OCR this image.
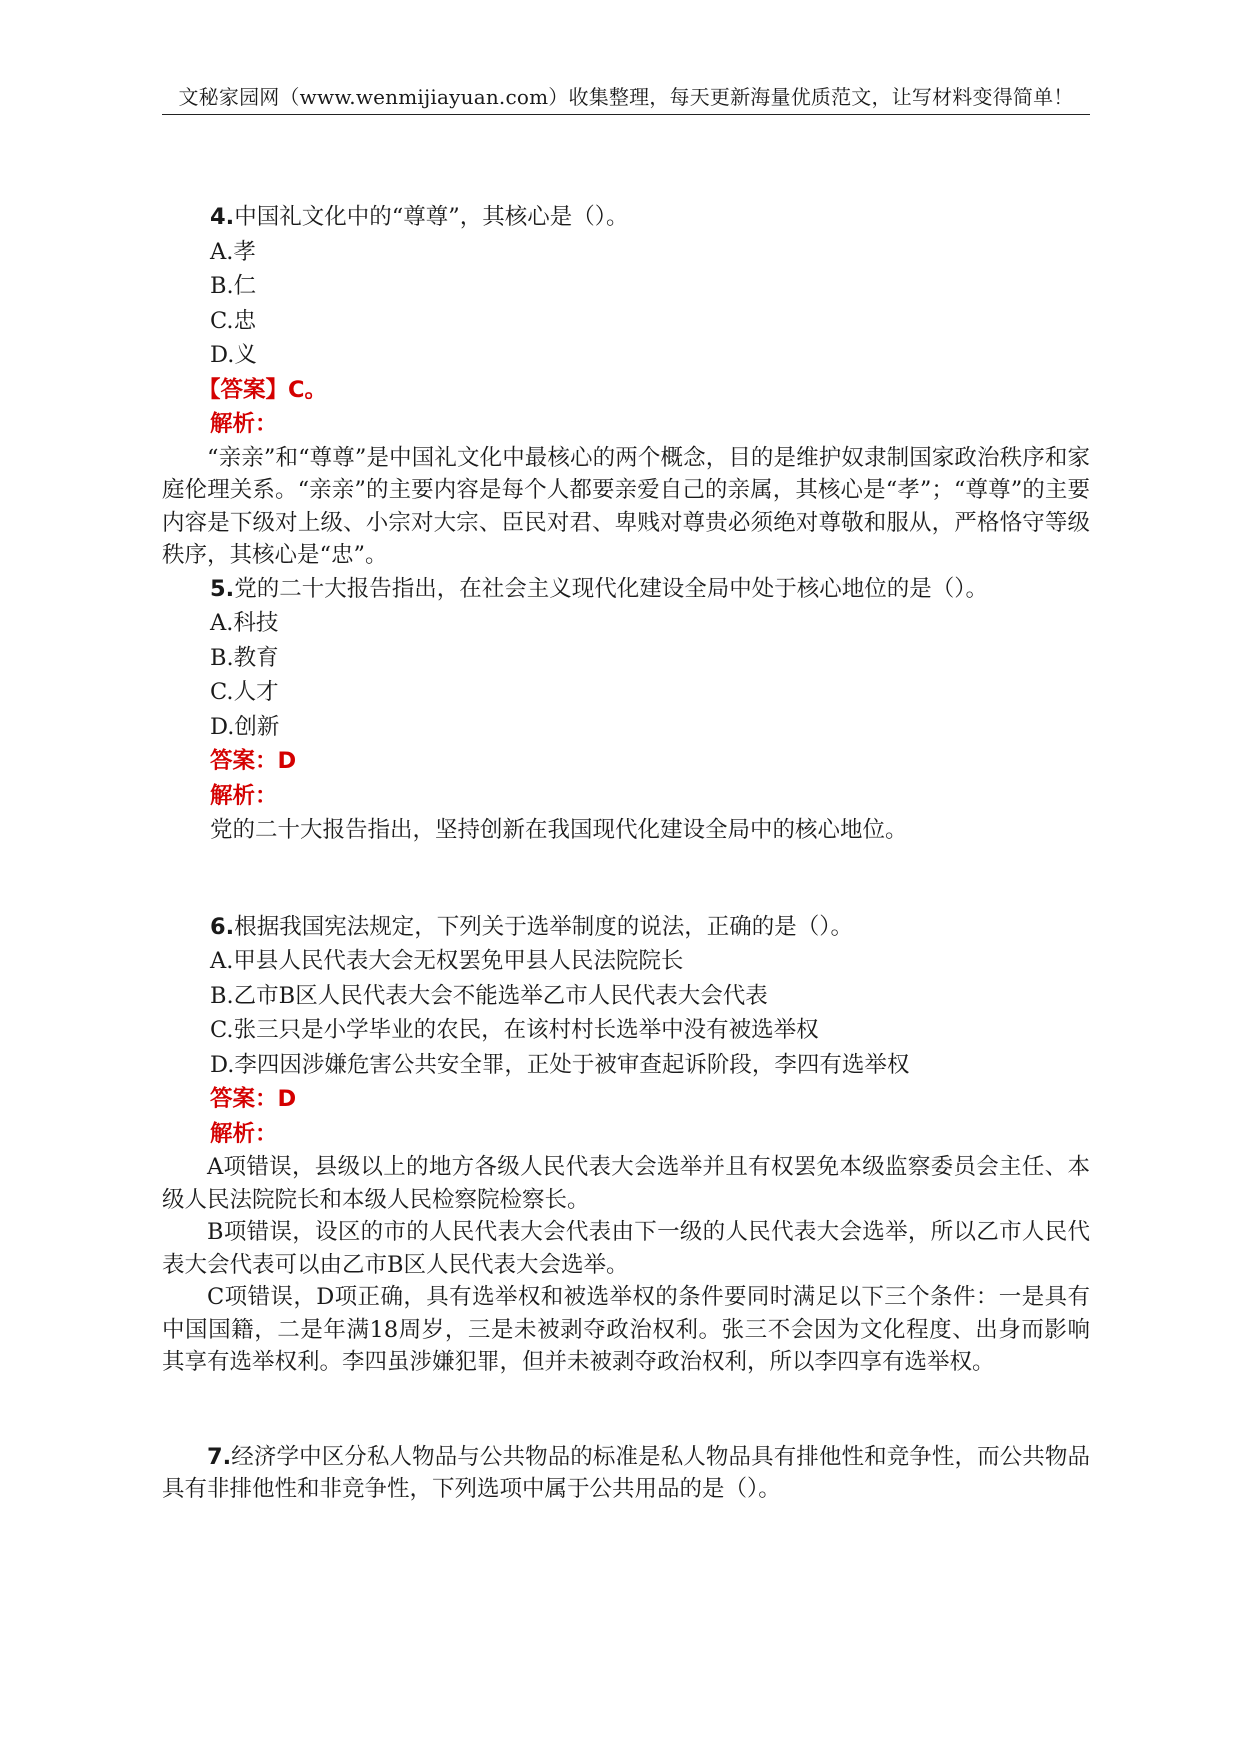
文秘家园网（www.wenmijiayuan.com）收集整理，每天更新海量优质范文，让写材料变得简单！
4.中国礼文化中的“尊尊”，其核心是（）。
A.孝
B.仁
C.忠
D.义
【答案】C。
解析：
“亲亲”和“尊尊”是中国礼文化中最核心的两个概念，目的是维护奴隶制国家政治秩序和家庭伦理关系。“亲亲”的主要内容是每个人都要亲爱自己的亲属，其核心是“孝”；“尊尊”的主要内容是下级对上级、小宗对大宗、臣民对君、卑贱对尊贵必须绝对尊敬和服从，严格恪守等级秩序，其核心是“忠”。
5.党的二十大报告指出，在社会主义现代化建设全局中处于核心地位的是（）。
A.科技
B.教育
C.人才
D.创新
答案：D
解析：
党的二十大报告指出，坚持创新在我国现代化建设全局中的核心地位。
6.根据我国宪法规定，下列关于选举制度的说法，正确的是（）。
A.甲县人民代表大会无权罢免甲县人民法院院长
B.乙市B区人民代表大会不能选举乙市人民代表大会代表
C.张三只是小学毕业的农民，在该村村长选举中没有被选举权
D.李四因涉嫌危害公共安全罪，正处于被审查起诉阶段，李四有选举权
答案：D
解析：
A项错误，县级以上的地方各级人民代表大会选举并且有权罢免本级监察委员会主任、本级人民法院院长和本级人民检察院检察长。
B项错误，设区的市的人民代表大会代表由下一级的人民代表大会选举，所以乙市人民代表大会代表可以由乙市B区人民代表大会选举。
C项错误，D项正确，具有选举权和被选举权的条件要同时满足以下三个条件：一是具有中国国籍，二是年满18周岁，三是未被剥夺政治权利。张三不会因为文化程度、出身而影响其享有选举权利。李四虽涉嫌犯罪，但并未被剥夺政治权利，所以李四享有选举权。
7.经济学中区分私人物品与公共物品的标准是私人物品具有排他性和竞争性，而公共物品具有非排他性和非竞争性，下列选项中属于公共用品的是（）。
